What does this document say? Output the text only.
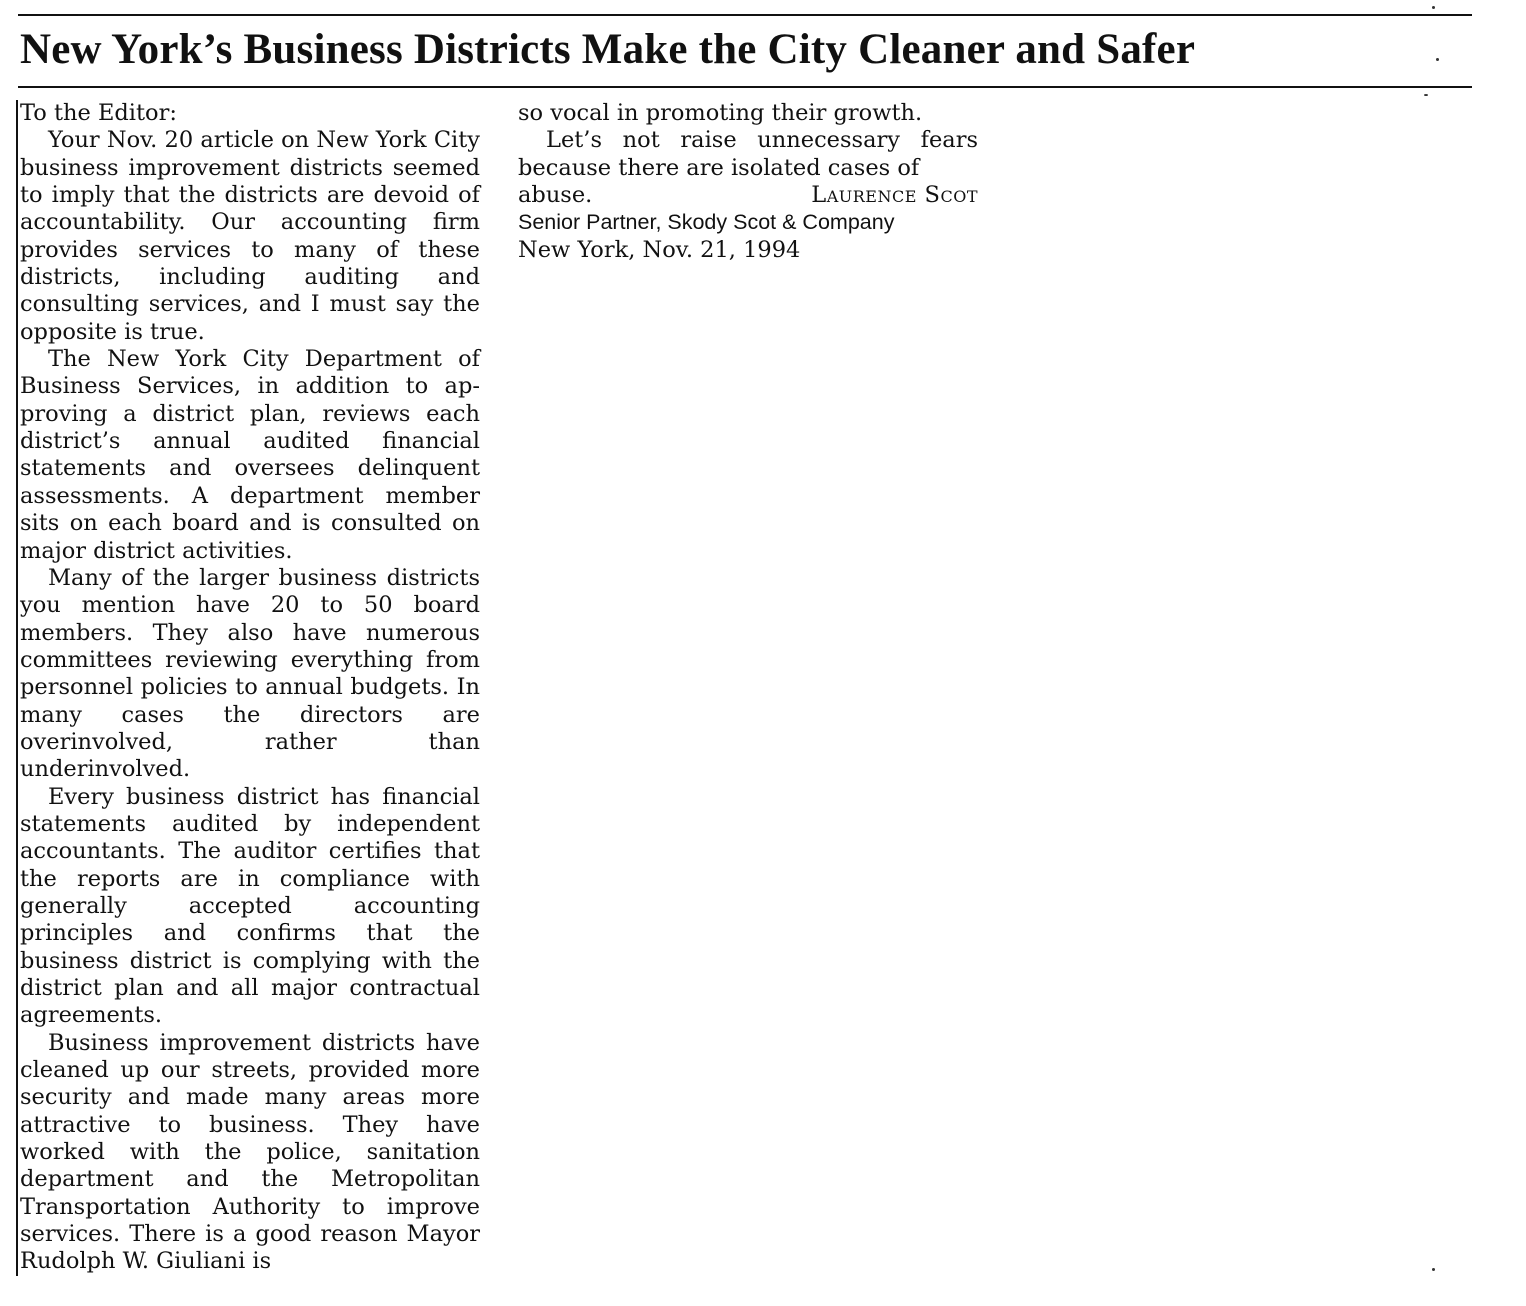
New York’s Business Districts Make the City Cleaner and Safer

To the Editor:

Your Nov. 20 article on New York City business improvement districts seemed to imply that the districts are devoid of accountability. Our accounting firm provides services to many of these districts, including auditing and consulting services, and I must say the opposite is true.

The New York City Department of Business Services, in addition to approving a district plan, reviews each district’s annual audited financial statements and oversees delinquent assessments. A department member sits on each board and is consulted on major district activities.

Many of the larger business districts you mention have 20 to 50 board members. They also have numerous committees reviewing everything from personnel policies to annual budgets. In many cases the directors are overinvolved, rather than underinvolved.

Every business district has financial statements audited by independent accountants. The auditor certifies that the reports are in compliance with generally accepted accounting principles and confirms that the business district is complying with the district plan and all major contractual agreements.

Business improvement districts have cleaned up our streets, provided more security and made many areas more attractive to business. They have worked with the police, sanitation department and the Metropolitan Transportation Authority to improve services. There is a good reason Mayor Rudolph W. Giuliani is

so vocal in promoting their growth.

Let’s not raise unnecessary fears because there are isolated cases of

abuse.	Laurence Scot

Senior Partner, Skody Scot & Company

New York, Nov. 21, 1994
